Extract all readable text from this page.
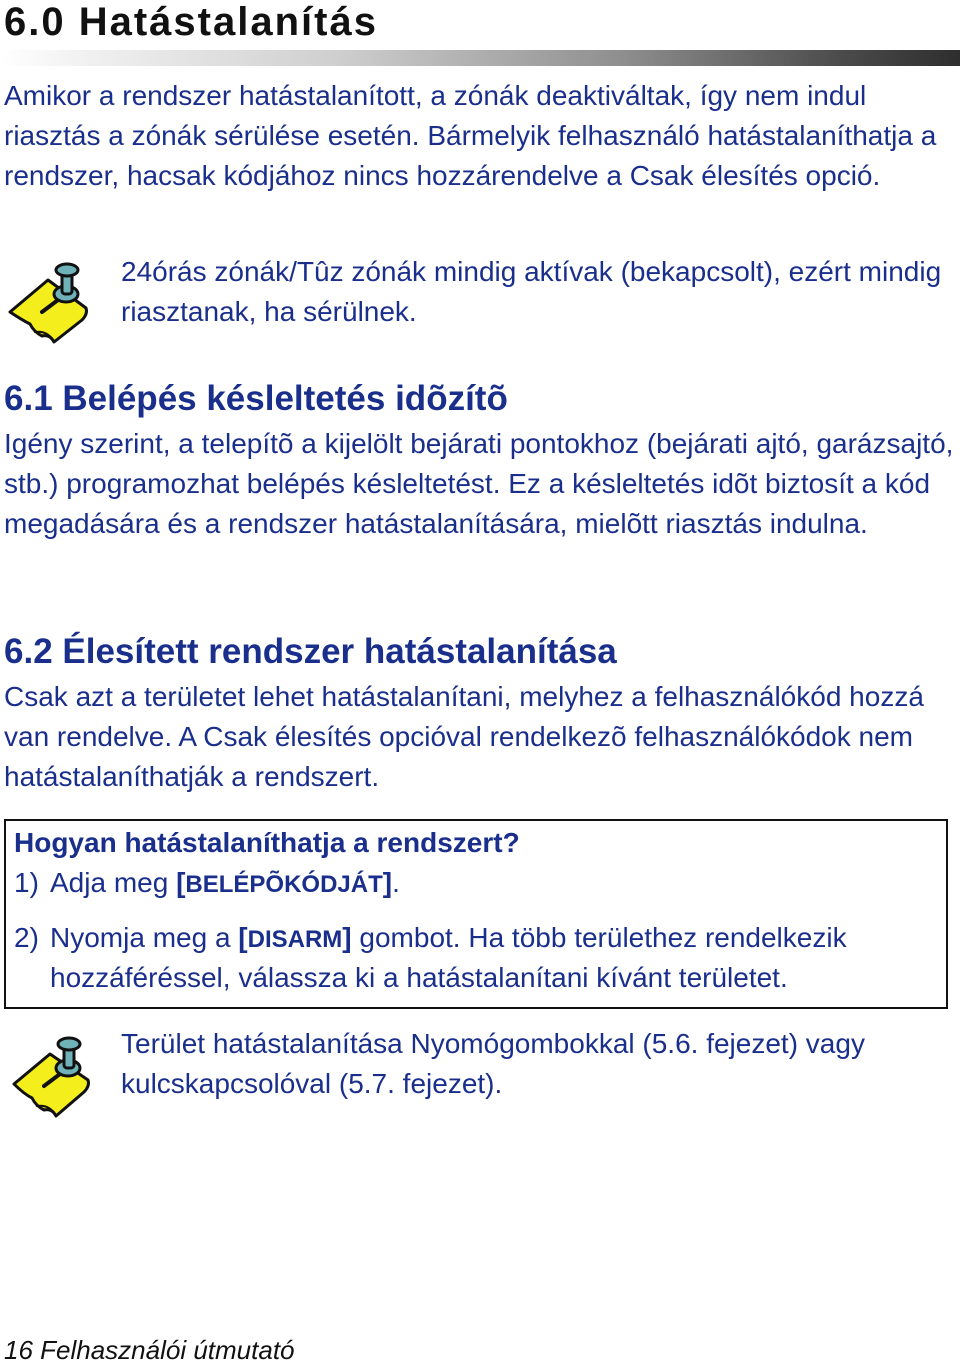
6.0 Hatástalanítás

Amikor a rendszer hatástalanított, a zónák deaktiváltak, így nem indul riasztás a zónák sérülése esetén. Bármelyik felhasználó hatástalaníthatja a rendszer, hacsak kódjához nincs hozzárendelve a Csak élesítés opció.

24órás zónák/Tûz zónák mindig aktívak (bekapcsolt), ezért mindig riasztanak, ha sérülnek.

6.1 Belépés késleltetés idõzítõ

Igény szerint, a telepítõ a kijelölt bejárati pontokhoz (bejárati ajtó, garázsajtó, stb.) programozhat belépés késleltetést. Ez a késleltetés idõt biztosít a kód megadására és a rendszer hatástalanítására, mielõtt riasztás indulna.

6.2 Élesített rendszer hatástalanítása

Csak azt a területet lehet hatástalanítani, melyhez a felhasználókód hozzá van rendelve. A Csak élesítés opcióval rendelkezõ felhasználókódok nem hatástalaníthatják a rendszert.

Hogyan hatástalaníthatja a rendszert?

1) Adja meg [BELÉPÕKÓDJÁT].

2) Nyomja meg a [DISARM] gombot. Ha több területhez rendelkezik
hozzáféréssel, válassza ki a hatástalanítani kívánt területet.

Terület hatástalanítása Nyomógombokkal (5.6. fejezet) vagy kulcskapcsolóval (5.7. fejezet).

16 Felhasználói útmutató
